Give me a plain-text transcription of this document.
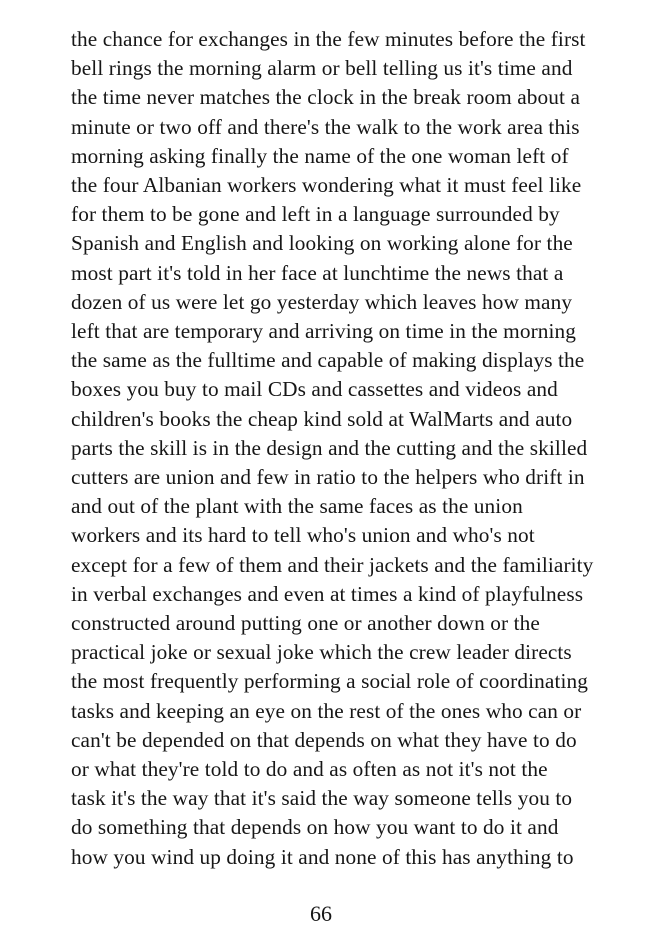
the chance for exchanges in the few minutes before the first
bell rings the morning alarm or bell telling us it's time and
the time never matches the clock in the break room about a
minute or two off and there's the walk to the work area this
morning asking finally the name of the one woman left of
the four Albanian workers wondering what it must feel like
for them to be gone and left in a language surrounded by
Spanish and English and looking on working alone for the
most part it's told in her face at lunchtime the news that a
dozen of us were let go yesterday which leaves how many
left that are temporary and arriving on time in the morning
the same as the fulltime and capable of making displays the
boxes you buy to mail CDs and cassettes and videos and
children's books the cheap kind sold at WalMarts and auto
parts the skill is in the design and the cutting and the skilled
cutters are union and few in ratio to the helpers who drift in
and out of the plant with the same faces as the union
workers and its hard to tell who's union and who's not
except for a few of them and their jackets and the familiarity
in verbal exchanges and even at times a kind of playfulness
constructed around putting one or another down or the
practical joke or sexual joke which the crew leader directs
the most frequently performing a social role of coordinating
tasks and keeping an eye on the rest of the ones who can or
can't be depended on that depends on what they have to do
or what they're told to do and as often as not it's not the
task it's the way that it's said the way someone tells you to
do something that depends on how you want to do it and
how you wind up doing it and none of this has anything to
66
